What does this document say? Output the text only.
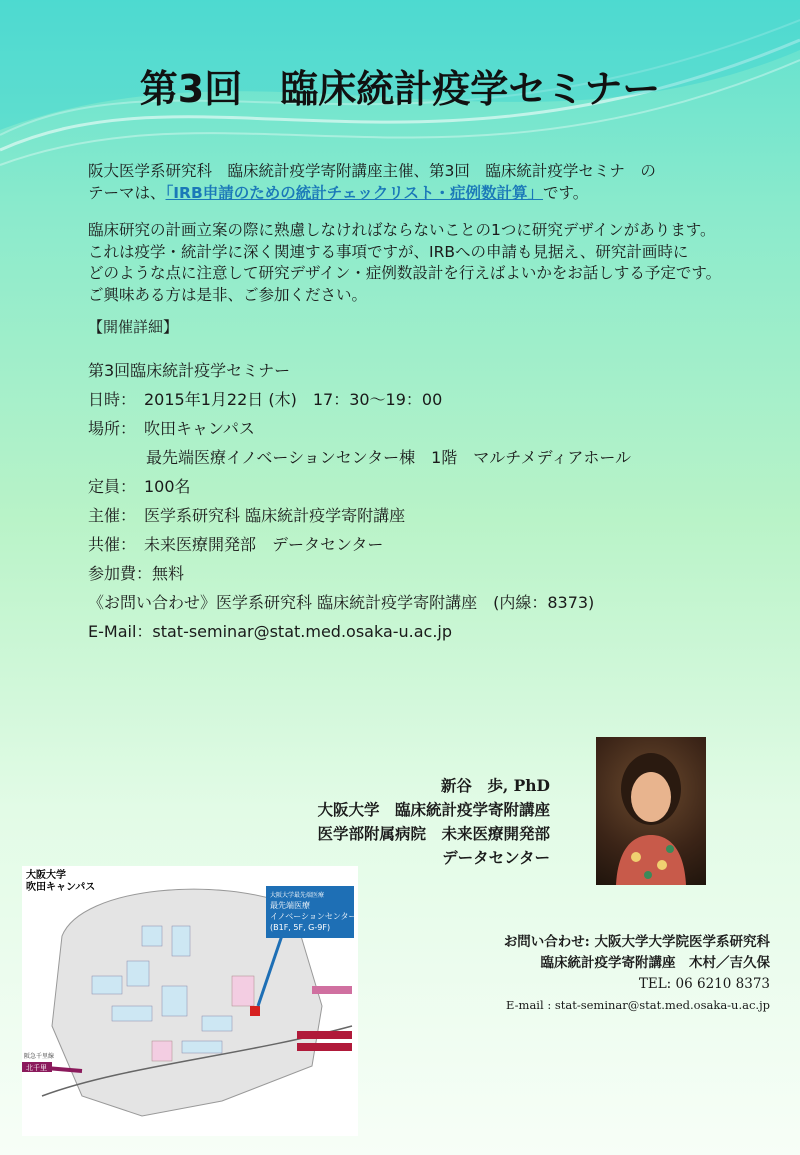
第3回　臨床統計疫学セミナー
阪大医学系研究科　臨床統計疫学寄附講座主催、第3回　臨床統計疫学セミナ　の
テーマは、「IRB申請のための統計チェックリスト・症例数計算」です。
臨床研究の計画立案の際に熟慮しなければならないことの1つに研究デザインがあります。
これは疫学・統計学に深く関連する事項ですが、IRBへの申請も見据え、研究計画時に
どのような点に注意して研究デザイン・症例数設計を行えばよいかをお話しする予定です。
ご興味ある方は是非、ご参加ください。
【開催詳細】
第3回臨床統計疫学セミナー
日時：　2015年1月22日 (木)　17：30～19：00
場所：　吹田キャンパス
最先端医療イノベーションセンター棟　1階　マルチメディアホール
定員：　100名
主催：　医学系研究科 臨床統計疫学寄附講座
共催：　未来医療開発部　データセンター
参加費：無料
《お問い合わせ》医学系研究科 臨床統計疫学寄附講座　(内線：8373)
E-Mail：stat-seminar@stat.med.osaka-u.ac.jp
新谷　歩, PhD
大阪大学　臨床統計疫学寄附講座
医学部附属病院　未来医療開発部
データセンター
大阪大学
吹田キャンパス
大阪大学最先端医療
最先端医療
イノベーションセンター
(B1F, 5F, G-9F)
阪急千里線
北千里
お問い合わせ: 大阪大学大学院医学系研究科
臨床統計疫学寄附講座　木村／吉久保
TEL: 06 6210 8373
E-mail : stat-seminar@stat.med.osaka-u.ac.jp
